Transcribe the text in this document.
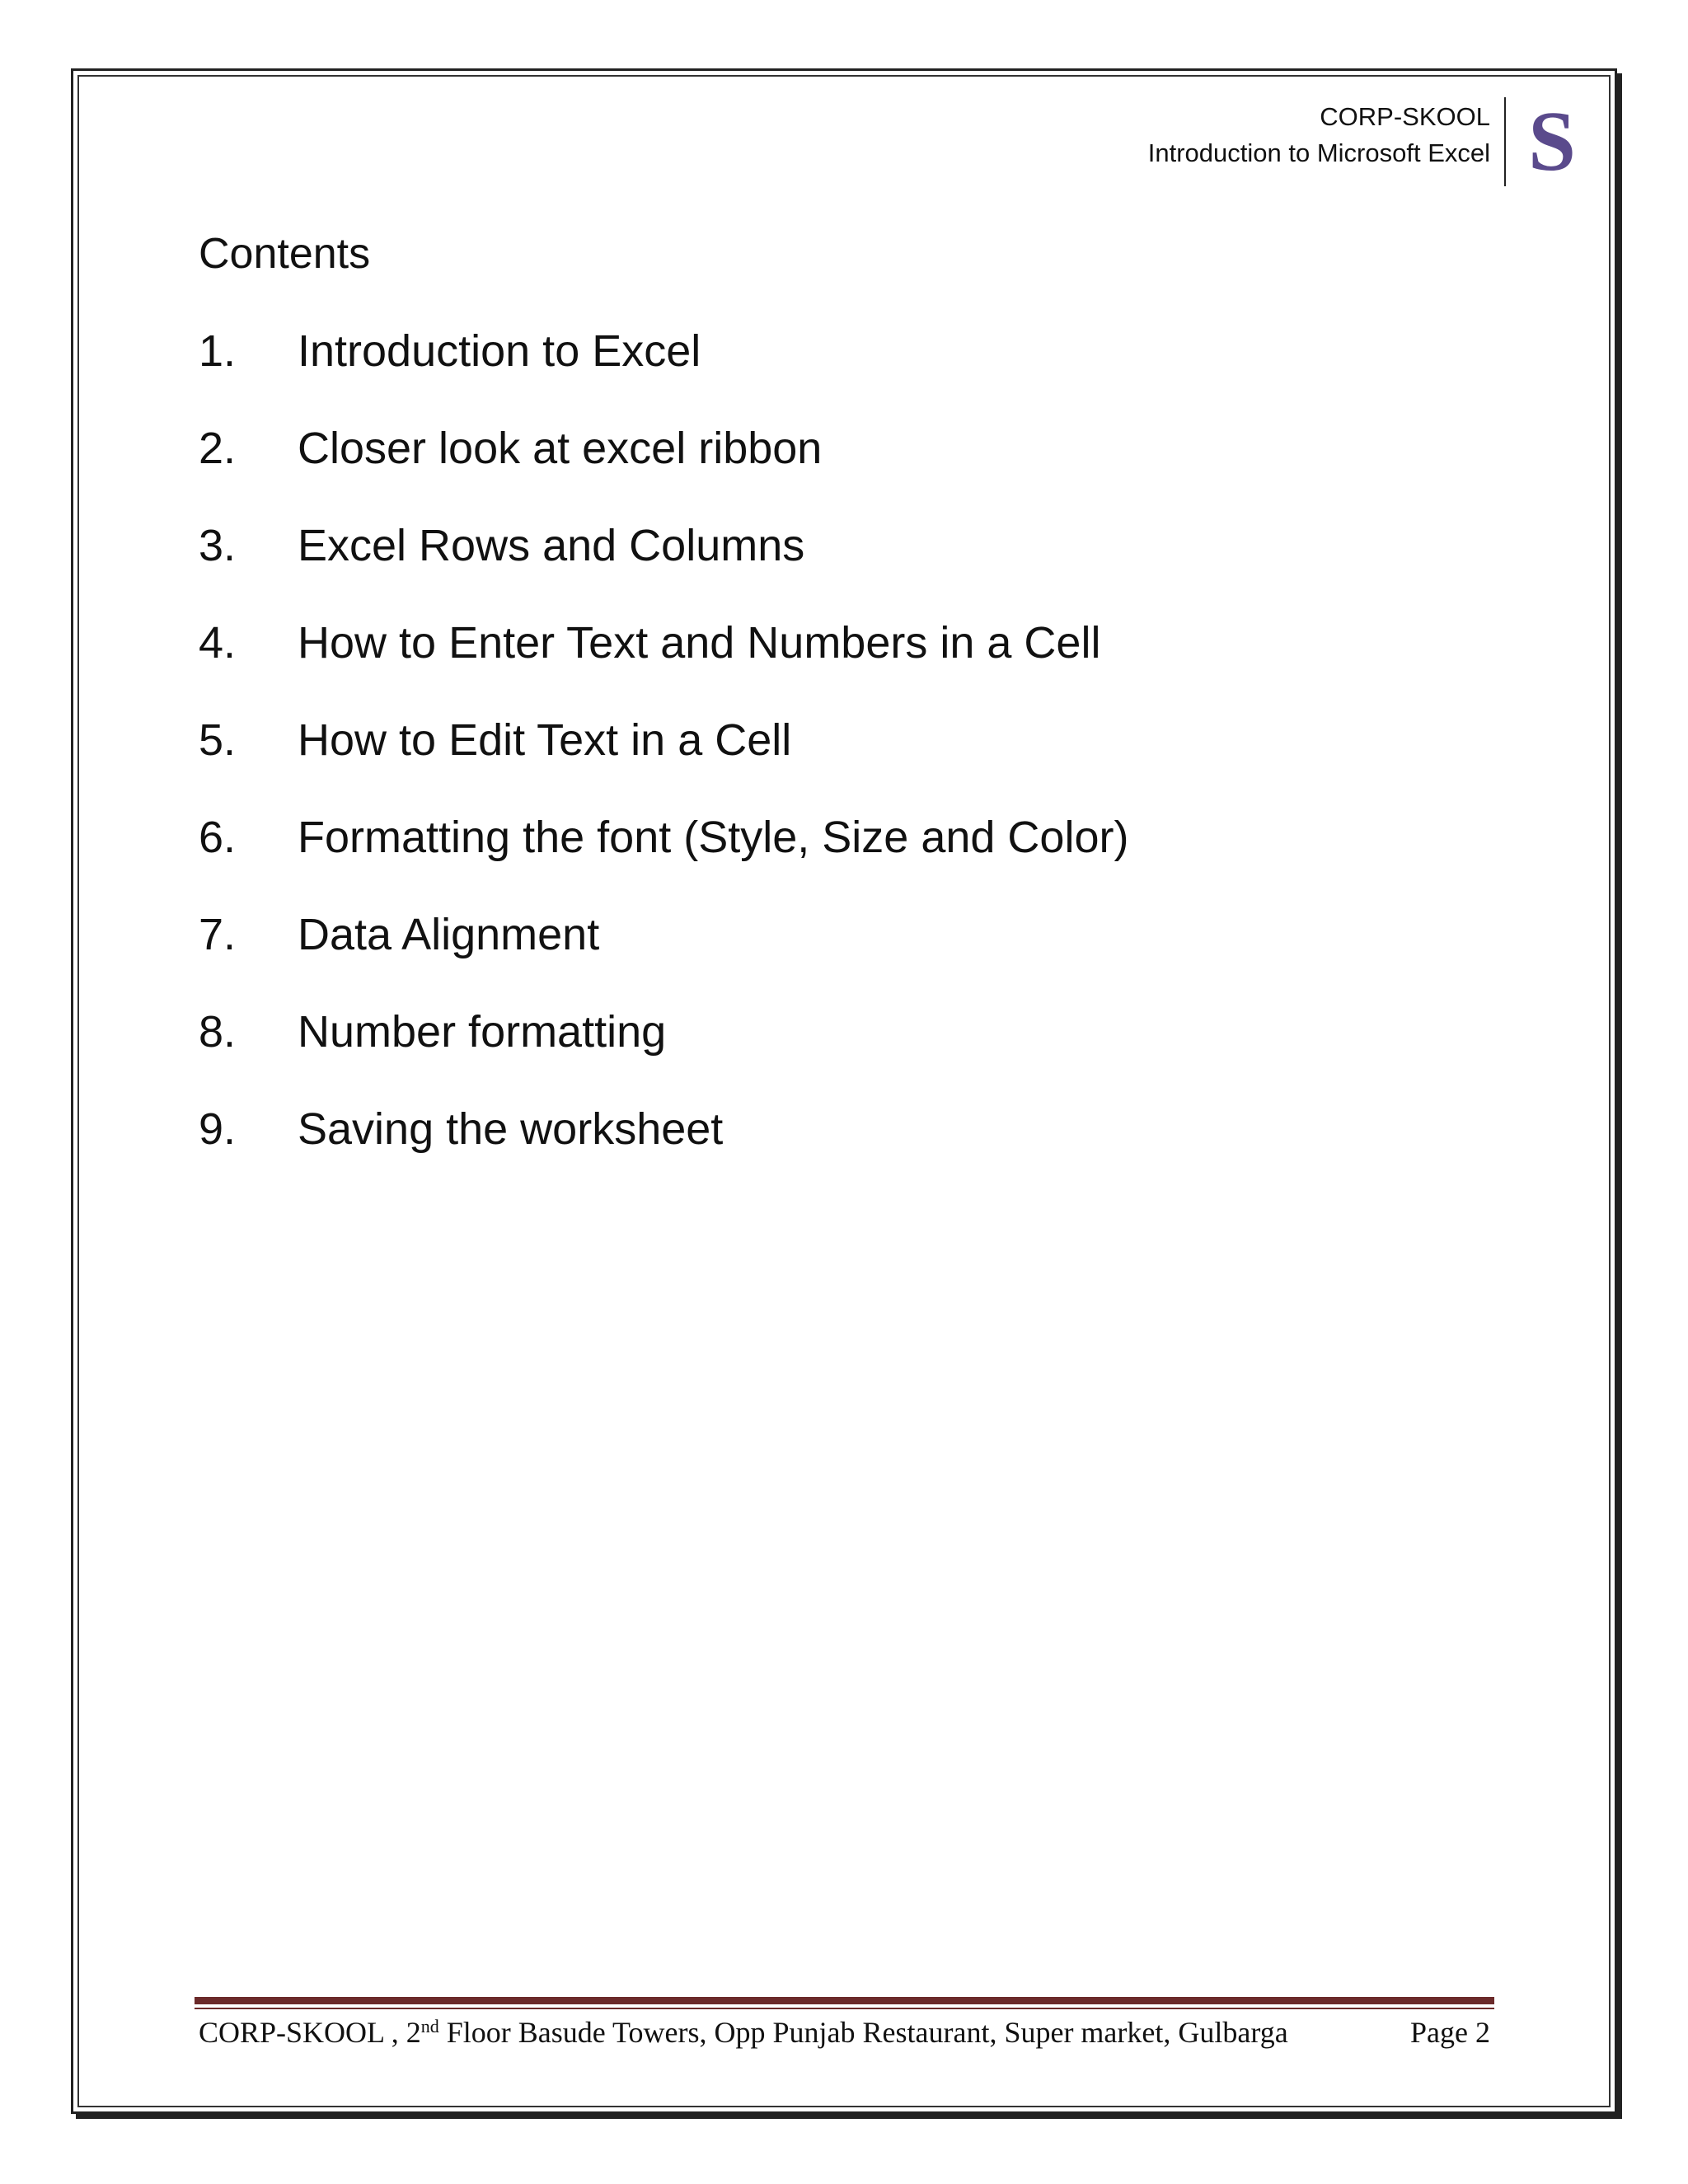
CORP-SKOOL
Introduction to Microsoft Excel S
Contents
1.	Introduction to Excel
2.	Closer look at excel ribbon
3.	Excel Rows and Columns
4.	How to Enter Text and Numbers in a Cell
5.	How to Edit Text in a Cell
6.	Formatting the font (Style, Size and Color)
7.	Data Alignment
8.	Number formatting
9.	Saving the worksheet
CORP-SKOOL , 2nd Floor Basude Towers, Opp Punjab Restaurant, Super market, Gulbarga	Page 2
